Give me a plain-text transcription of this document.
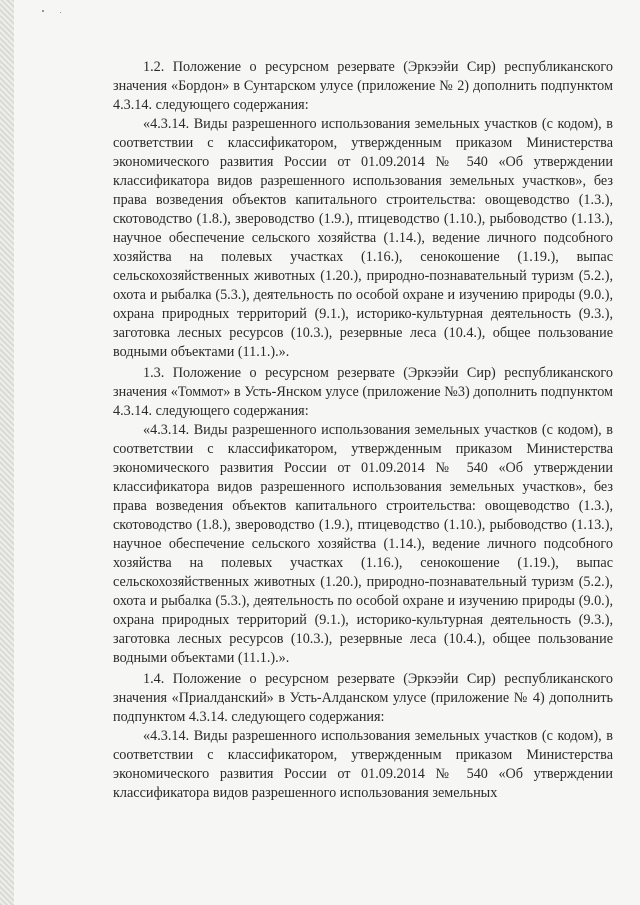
1.2. Положение о ресурсном резервате (Эркээйи Сир) республиканского значения «Бордон» в Сунтарском улусе (приложение № 2) дополнить подпунктом 4.3.14. следующего содержания:

«4.3.14. Виды разрешенного использования земельных участков (с кодом), в соответствии с классификатором, утвержденным приказом Министерства экономического развития России от 01.09.2014 № 540 «Об утверждении классификатора видов разрешенного использования земельных участков», без права возведения объектов капитального строительства: овощеводство (1.3.), скотоводство (1.8.), звероводство (1.9.), птицеводство (1.10.), рыбоводство (1.13.), научное обеспечение сельского хозяйства (1.14.), ведение личного подсобного хозяйства на полевых участках (1.16.), сенокошение (1.19.), выпас сельскохозяйственных животных (1.20.), природно-познавательный туризм (5.2.), охота и рыбалка (5.3.), деятельность по особой охране и изучению природы (9.0.), охрана природных территорий (9.1.), историко-культурная деятельность (9.3.), заготовка лесных ресурсов (10.3.), резервные леса (10.4.), общее пользование водными объектами (11.1.).».

1.3. Положение о ресурсном резервате (Эркээйи Сир) республиканского значения «Томмот» в Усть-Янском улусе (приложение №3) дополнить подпунктом 4.3.14. следующего содержания:

«4.3.14. Виды разрешенного использования земельных участков (с кодом), в соответствии с классификатором, утвержденным приказом Министерства экономического развития России от 01.09.2014 № 540 «Об утверждении классификатора видов разрешенного использования земельных участков», без права возведения объектов капитального строительства: овощеводство (1.3.), скотоводство (1.8.), звероводство (1.9.), птицеводство (1.10.), рыбоводство (1.13.), научное обеспечение сельского хозяйства (1.14.), ведение личного подсобного хозяйства на полевых участках (1.16.), сенокошение (1.19.), выпас сельскохозяйственных животных (1.20.), природно-познавательный туризм (5.2.), охота и рыбалка (5.3.), деятельность по особой охране и изучению природы (9.0.), охрана природных территорий (9.1.), историко-культурная деятельность (9.3.), заготовка лесных ресурсов (10.3.), резервные леса (10.4.), общее пользование водными объектами (11.1.).».

1.4. Положение о ресурсном резервате (Эркээйи Сир) республиканского значения «Приалданский» в Усть-Алданском улусе (приложение № 4) дополнить подпунктом 4.3.14. следующего содержания:

«4.3.14. Виды разрешенного использования земельных участков (с кодом), в соответствии с классификатором, утвержденным приказом Министерства экономического развития России от 01.09.2014 № 540 «Об утверждении классификатора видов разрешенного использования земельных
